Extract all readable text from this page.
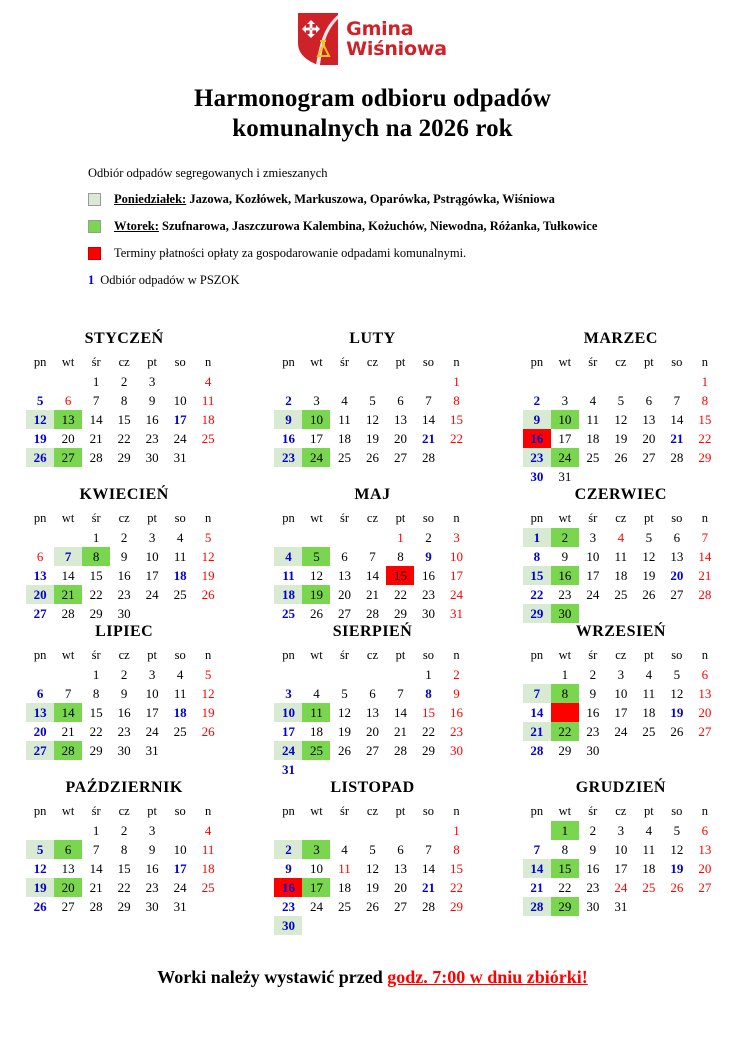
Gmina
Wiśniowa
Harmonogram odbioru odpadów
komunalnych na 2026 rok
Odbiór odpadów segregowanych i zmieszanych
Poniedziałek: Jazowa, Kozłówek, Markuszowa, Oparówka, Pstrągówka, Wiśniowa
Wtorek: Szufnarowa, Jaszczurowa Kalembina, Kożuchów, Niewodna, Różanka, Tułkowice
Terminy płatności opłaty za gospodarowanie odpadami komunalnymi.
1 Odbiór odpadów w PSZOK
STYCZEŃ
pn	wt	śr	cz	pt	so	n
		1	2	3		4
5	6	7	8	9	10	11
12	13	14	15	16	17	18
19	20	21	22	23	24	25
26	27	28	29	30	31	
LUTY
pn	wt	śr	cz	pt	so	n
						1
2	3	4	5	6	7	8
9	10	11	12	13	14	15
16	17	18	19	20	21	22
23	24	25	26	27	28	
MARZEC
pn	wt	śr	cz	pt	so	n
						1
2	3	4	5	6	7	8
9	10	11	12	13	14	15
16	17	18	19	20	21	22
23	24	25	26	27	28	29
30	31					
KWIECIEŃ
pn	wt	śr	cz	pt	so	n
		1	2	3	4	5
6	7	8	9	10	11	12
13	14	15	16	17	18	19
20	21	22	23	24	25	26
27	28	29	30			
MAJ
pn	wt	śr	cz	pt	so	n
				1	2	3
4	5	6	7	8	9	10
11	12	13	14	15	16	17
18	19	20	21	22	23	24
25	26	27	28	29	30	31
CZERWIEC
pn	wt	śr	cz	pt	so	n
1	2	3	4	5	6	7
8	9	10	11	12	13	14
15	16	17	18	19	20	21
22	23	24	25	26	27	28
29	30					
LIPIEC
pn	wt	śr	cz	pt	so	n
		1	2	3	4	5
6	7	8	9	10	11	12
13	14	15	16	17	18	19
20	21	22	23	24	25	26
27	28	29	30	31		
SIERPIEŃ
pn	wt	śr	cz	pt	so	n
					1	2
3	4	5	6	7	8	9
10	11	12	13	14	15	16
17	18	19	20	21	22	23
24	25	26	27	28	29	30
31						
WRZESIEŃ
pn	wt	śr	cz	pt	so	n
	1	2	3	4	5	6
7	8	9	10	11	12	13
14	15	16	17	18	19	20
21	22	23	24	25	26	27
28	29	30				
PAŹDZIERNIK
pn	wt	śr	cz	pt	so	n
		1	2	3		4
5	6	7	8	9	10	11
12	13	14	15	16	17	18
19	20	21	22	23	24	25
26	27	28	29	30	31	
LISTOPAD
pn	wt	śr	cz	pt	so	n
						1
2	3	4	5	6	7	8
9	10	11	12	13	14	15
16	17	18	19	20	21	22
23	24	25	26	27	28	29
30						
GRUDZIEŃ
pn	wt	śr	cz	pt	so	n
	1	2	3	4	5	6
7	8	9	10	11	12	13
14	15	16	17	18	19	20
21	22	23	24	25	26	27
28	29	30	31			
Worki należy wystawić przed godz. 7:00 w dniu zbiórki!
